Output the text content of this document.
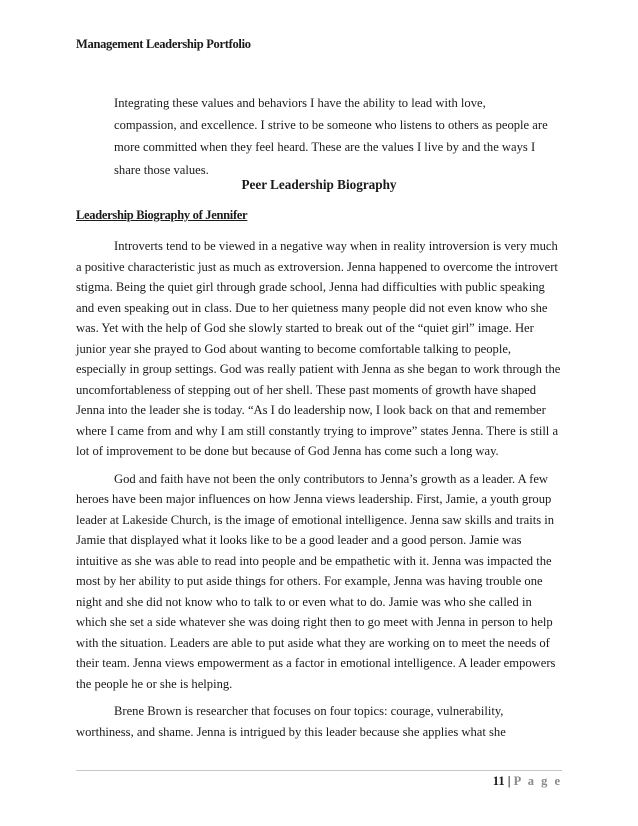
Management Leadership Portfolio
Integrating these values and behaviors I have the ability to lead with love, compassion, and excellence. I strive to be someone who listens to others as people are more committed when they feel heard. These are the values I live by and the ways I share those values.
Peer Leadership Biography
Leadership Biography of Jennifer

Introverts tend to be viewed in a negative way when in reality introversion is very much a positive characteristic just as much as extroversion. Jenna happened to overcome the introvert stigma. Being the quiet girl through grade school, Jenna had difficulties with public speaking and even speaking out in class. Due to her quietness many people did not even know who she was. Yet with the help of God she slowly started to break out of the “quiet girl” image. Her junior year she prayed to God about wanting to become comfortable talking to people, especially in group settings. God was really patient with Jenna as she began to work through the uncomfortableness of stepping out of her shell. These past moments of growth have shaped Jenna into the leader she is today. “As I do leadership now, I look back on that and remember where I came from and why I am still constantly trying to improve” states Jenna. There is still a lot of improvement to be done but because of God Jenna has come such a long way.

God and faith have not been the only contributors to Jenna’s growth as a leader. A few heroes have been major influences on how Jenna views leadership. First, Jamie, a youth group leader at Lakeside Church, is the image of emotional intelligence. Jenna saw skills and traits in Jamie that displayed what it looks like to be a good leader and a good person. Jamie was intuitive as she was able to read into people and be empathetic with it. Jenna was impacted the most by her ability to put aside things for others. For example, Jenna was having trouble one night and she did not know who to talk to or even what to do. Jamie was who she called in which she set a side whatever she was doing right then to go meet with Jenna in person to help with the situation. Leaders are able to put aside what they are working on to meet the needs of their team. Jenna views empowerment as a factor in emotional intelligence. A leader empowers the people he or she is helping.

Brene Brown is researcher that focuses on four topics: courage, vulnerability, worthiness, and shame. Jenna is intrigued by this leader because she applies what she

11 | P a g e
